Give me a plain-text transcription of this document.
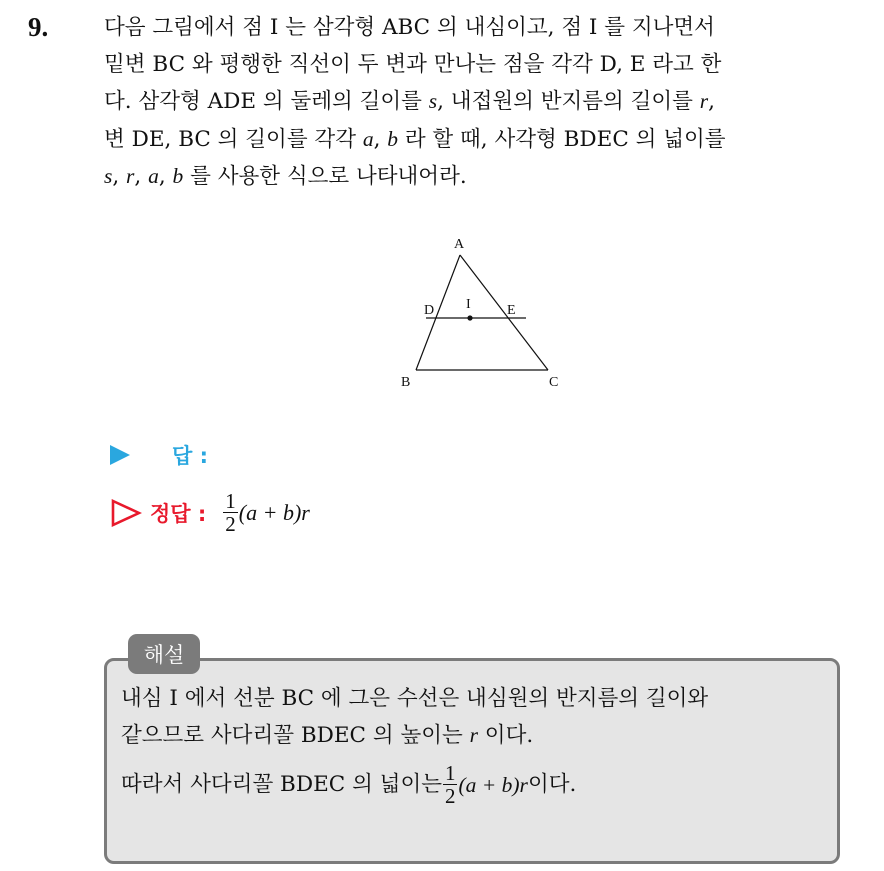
9.	다음 그림에서 점 I 는 삼각형 ABC 의 내심이고, 점 I 를 지나면서
밑변 BC 와 평행한 직선이 두 변과 만나는 점을 각각 D, E 라고 한
다. 삼각형 ADE 의 둘레의 길이를 s, 내접원의 반지름의 길이를 r,
변 DE, BC 의 길이를 각각 a, b 라 할 때, 사각형 BDEC 의 넓이를
s, r, a, b 를 사용한 식으로 나타내어라.
A
B	C
D	E
I
답 :
정답 : $\frac{1}{2} (a + b)r$
내심 I 에서 선분 BC 에 그은 수선은 내심원의 반지름의 길이와
같으므로 사다리꼴 BDEC 의 높이는 r 이다.
따라서 사다리꼴 BDEC 의 넓이는 $\frac{1}{2} (a + b)r$ 이다.
해설
